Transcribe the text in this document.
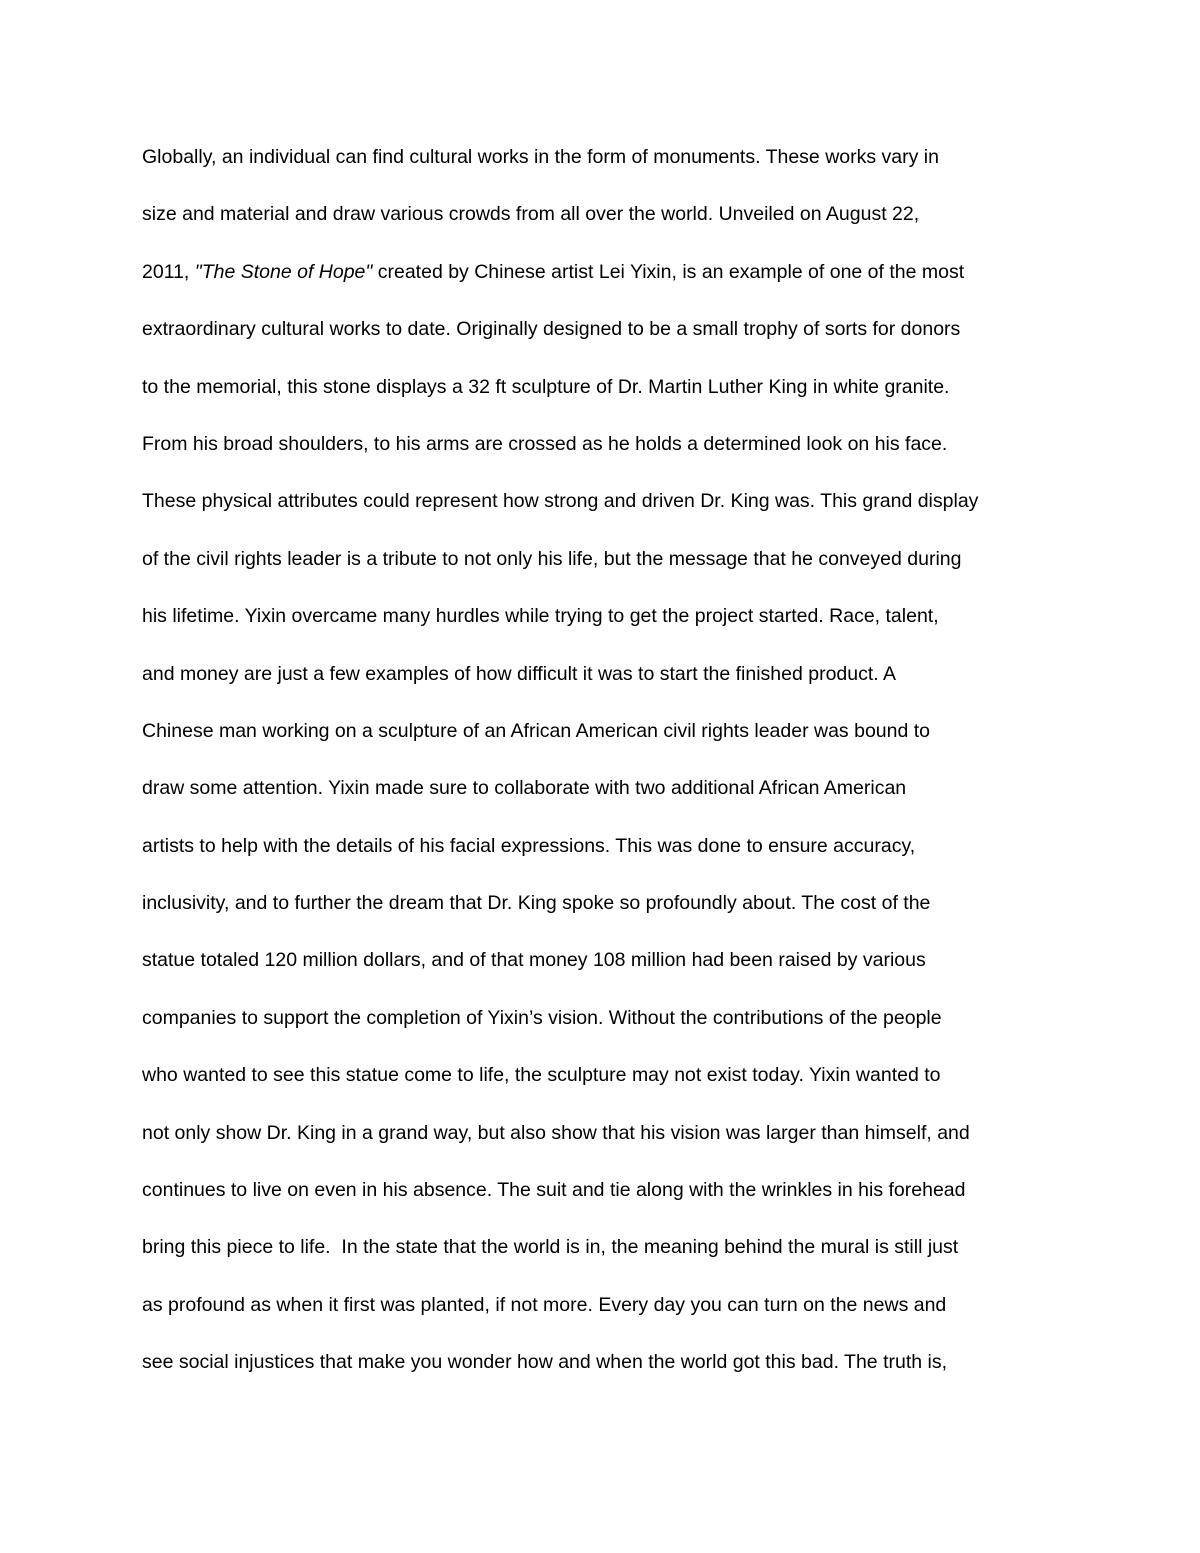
Globally, an individual can find cultural works in the form of monuments. These works vary in
size and material and draw various crowds from all over the world. Unveiled on August 22,
2011, "The Stone of Hope" created by Chinese artist Lei Yixin, is an example of one of the most
extraordinary cultural works to date. Originally designed to be a small trophy of sorts for donors
to the memorial, this stone displays a 32 ft sculpture of Dr. Martin Luther King in white granite.
From his broad shoulders, to his arms are crossed as he holds a determined look on his face.
These physical attributes could represent how strong and driven Dr. King was. This grand display
of the civil rights leader is a tribute to not only his life, but the message that he conveyed during
his lifetime. Yixin overcame many hurdles while trying to get the project started. Race, talent,
and money are just a few examples of how difficult it was to start the finished product. A
Chinese man working on a sculpture of an African American civil rights leader was bound to
draw some attention. Yixin made sure to collaborate with two additional African American
artists to help with the details of his facial expressions. This was done to ensure accuracy,
inclusivity, and to further the dream that Dr. King spoke so profoundly about. The cost of the
statue totaled 120 million dollars, and of that money 108 million had been raised by various
companies to support the completion of Yixin’s vision. Without the contributions of the people
who wanted to see this statue come to life, the sculpture may not exist today. Yixin wanted to
not only show Dr. King in a grand way, but also show that his vision was larger than himself, and
continues to live on even in his absence. The suit and tie along with the wrinkles in his forehead
bring this piece to life.  In the state that the world is in, the meaning behind the mural is still just
as profound as when it first was planted, if not more. Every day you can turn on the news and
see social injustices that make you wonder how and when the world got this bad. The truth is,
